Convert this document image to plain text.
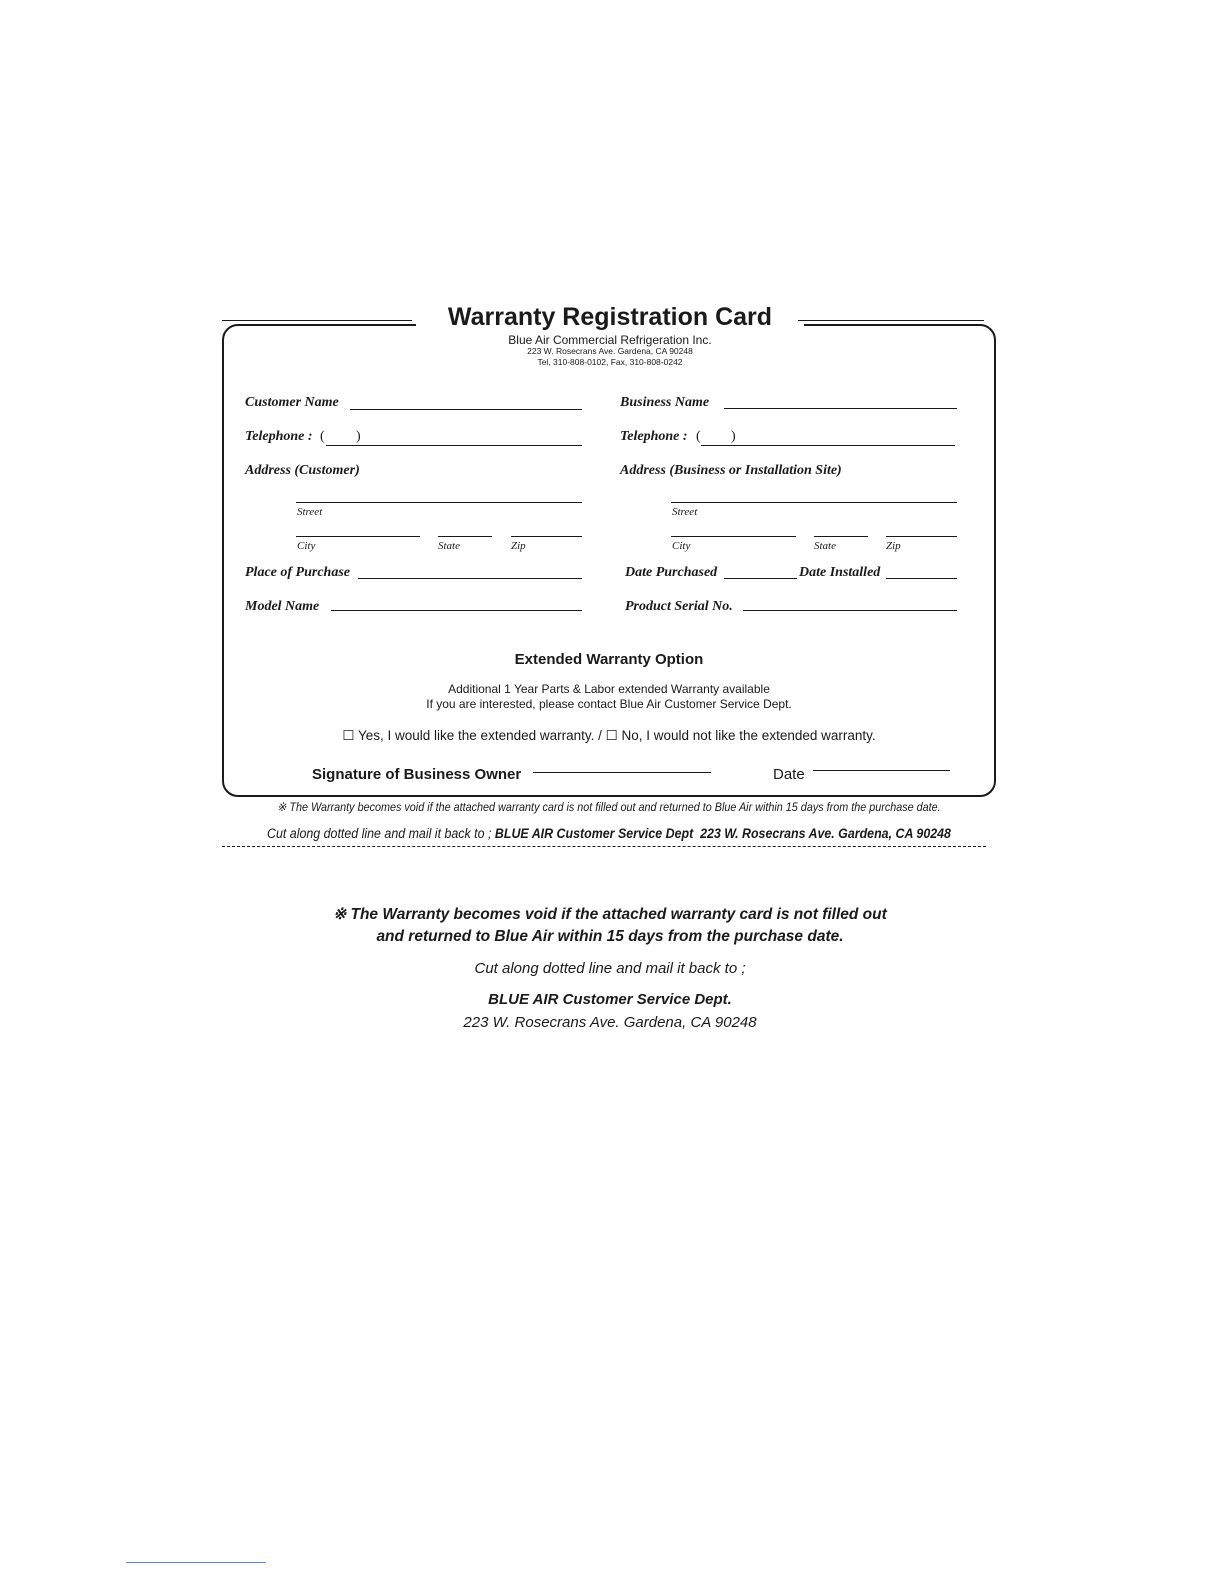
Warranty Registration Card
Blue Air Commercial Refrigeration Inc.
223 W. Rosecrans Ave. Gardena, CA 90248
Tel, 310-808-0102, Fax, 310-808-0242
Customer Name
Telephone : ( )
Address (Customer)
Street
City	State	Zip
Place of Purchase
Model Name
Business Name
Telephone : ( )
Address (Business or Installation Site)
Street
City	State	Zip
Date Purchased	Date Installed
Product Serial No.
Extended Warranty Option
Additional 1 Year Parts & Labor extended Warranty available
If you are interested, please contact Blue Air Customer Service Dept.
☐ Yes, I would like the extended warranty. / ☐ No, I would not like the extended warranty.
Signature of Business Owner	Date
※ The Warranty becomes void if the attached warranty card is not filled out and returned to Blue Air within 15 days from the purchase date.
Cut along dotted line and mail it back to ; BLUE AIR Customer Service Dept 223 W. Rosecrans Ave. Gardena, CA 90248
※ The Warranty becomes void if the attached warranty card is not filled out
and returned to Blue Air within 15 days from the purchase date.
Cut along dotted line and mail it back to ;
BLUE AIR Customer Service Dept.
223 W. Rosecrans Ave. Gardena, CA 90248
